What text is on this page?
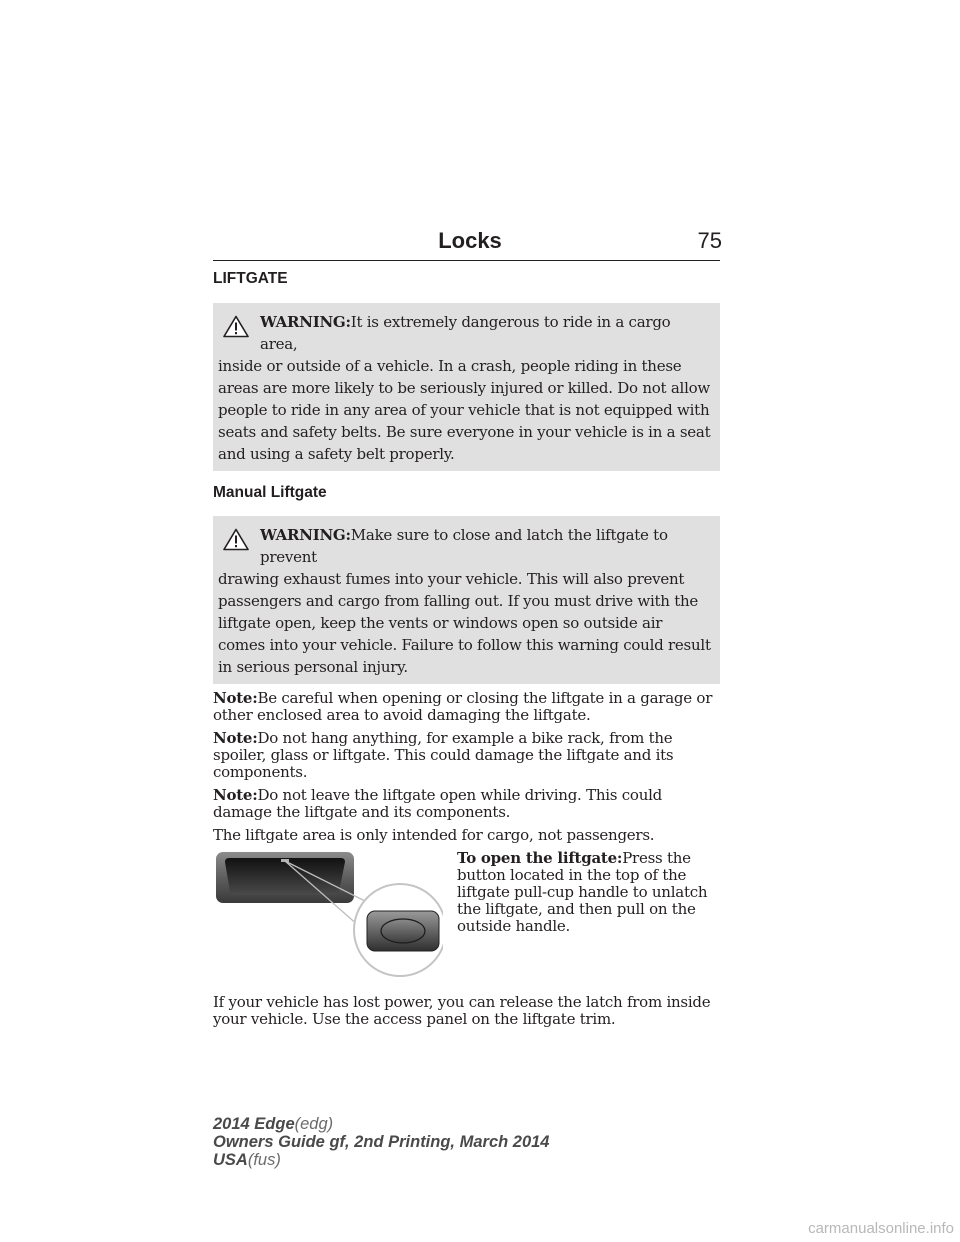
Locks	75
LIFTGATE
WARNING:It is extremely dangerous to ride in a cargo area,
inside or outside of a vehicle. In a crash, people riding in these areas are more likely to be seriously injured or killed. Do not allow people to ride in any area of your vehicle that is not equipped with seats and safety belts. Be sure everyone in your vehicle is in a seat and using a safety belt properly.
Manual Liftgate
WARNING:Make sure to close and latch the liftgate to prevent
drawing exhaust fumes into your vehicle. This will also prevent passengers and cargo from falling out. If you must drive with the liftgate open, keep the vents or windows open so outside air comes into your vehicle. Failure to follow this warning could result in serious personal injury.

Note:Be careful when opening or closing the liftgate in a garage or other enclosed area to avoid damaging the liftgate.

Note:Do not hang anything, for example a bike rack, from the spoiler, glass or liftgate. This could damage the liftgate and its components.

Note:Do not leave the liftgate open while driving. This could damage the liftgate and its components.

The liftgate area is only intended for cargo, not passengers.

To open the liftgate:Press the button located in the top of the liftgate pull-cup handle to unlatch the liftgate, and then pull on the outside handle.

If your vehicle has lost power, you can release the latch from inside your vehicle. Use the access panel on the liftgate trim.

2014 Edge(edg)
Owners Guide gf, 2nd Printing, March 2014
USA(fus)
carmanualsonline.info
